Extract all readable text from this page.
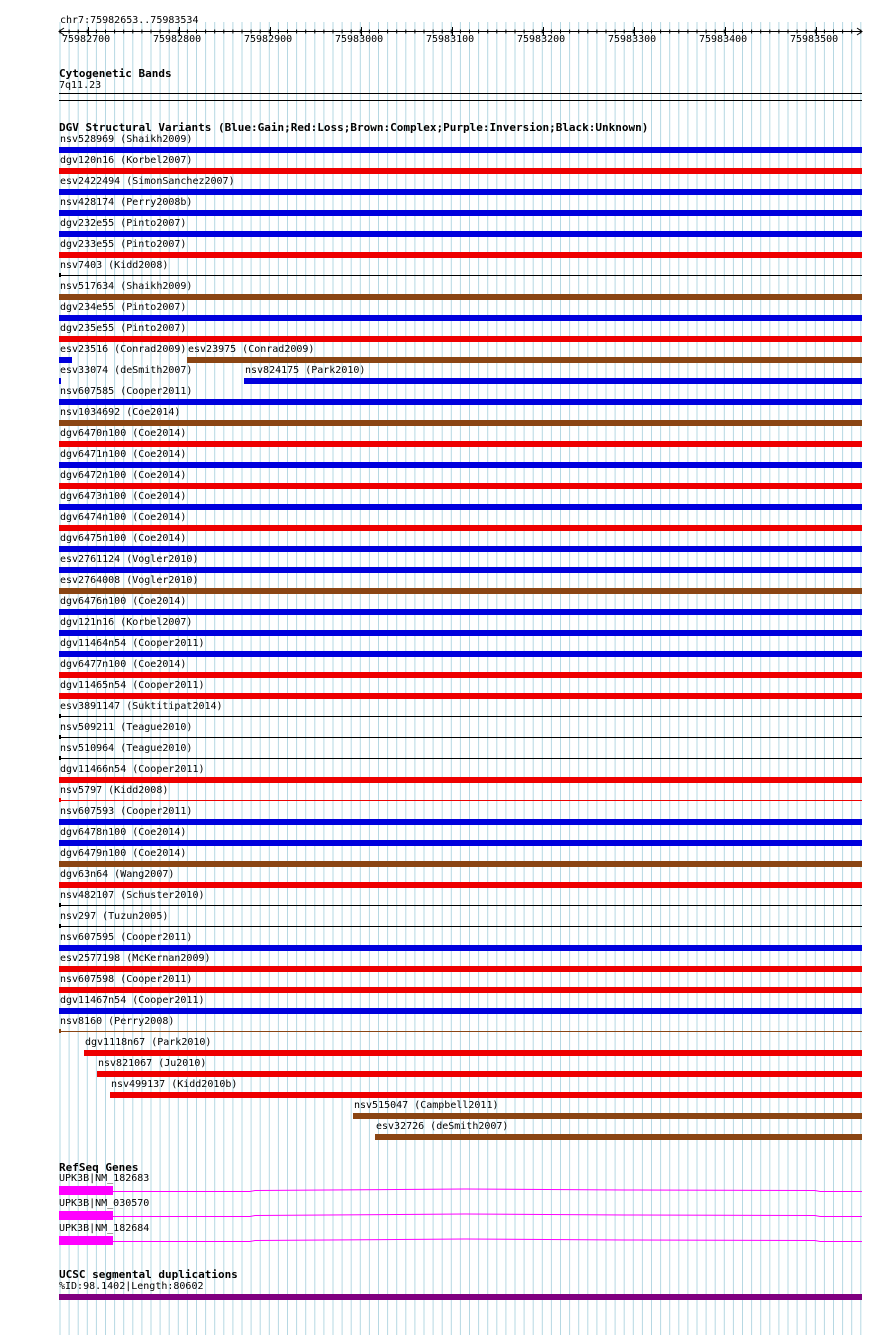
chr7:75982653..75983534
75982700	75982800	75982900	75983000	75983100	75983200	75983300	75983400	75983500
Cytogenetic Bands
7q11.23
DGV Structural Variants (Blue:Gain;Red:Loss;Brown:Complex;Purple:Inversion;Black:Unknown)
nsv528969 (Shaikh2009)
dgv120n16 (Korbel2007)
esv2422494 (SimonSanchez2007)
nsv428174 (Perry2008b)
dgv232e55 (Pinto2007)
dgv233e55 (Pinto2007)
nsv7403 (Kidd2008)
nsv517634 (Shaikh2009)
dgv234e55 (Pinto2007)
dgv235e55 (Pinto2007)
esv23516 (Conrad2009) esv23975 (Conrad2009)
esv33074 (deSmith2007)	nsv824175 (Park2010)
nsv607585 (Cooper2011)
nsv1034692 (Coe2014)
dgv6470n100 (Coe2014)
dgv6471n100 (Coe2014)
dgv6472n100 (Coe2014)
dgv6473n100 (Coe2014)
dgv6474n100 (Coe2014)
dgv6475n100 (Coe2014)
esv2761124 (Vogler2010)
esv2764008 (Vogler2010)
dgv6476n100 (Coe2014)
dgv121n16 (Korbel2007)
dgv11464n54 (Cooper2011)
dgv6477n100 (Coe2014)
dgv11465n54 (Cooper2011)
esv3891147 (Suktitipat2014)
nsv509211 (Teague2010)
nsv510964 (Teague2010)
dgv11466n54 (Cooper2011)
nsv5797 (Kidd2008)
nsv607593 (Cooper2011)
dgv6478n100 (Coe2014)
dgv6479n100 (Coe2014)
dgv63n64 (Wang2007)
nsv482107 (Schuster2010)
nsv297 (Tuzun2005)
nsv607595 (Cooper2011)
esv2577198 (McKernan2009)
nsv607598 (Cooper2011)
dgv11467n54 (Cooper2011)
nsv8160 (Perry2008)
dgv1118n67 (Park2010)
nsv821067 (Ju2010)
nsv499137 (Kidd2010b)
nsv515047 (Campbell2011)
esv32726 (deSmith2007)
RefSeq Genes
UPK3B|NM_182683
UPK3B|NM_030570
UPK3B|NM_182684
UCSC segmental duplications
%ID:98.1402|Length:80602
